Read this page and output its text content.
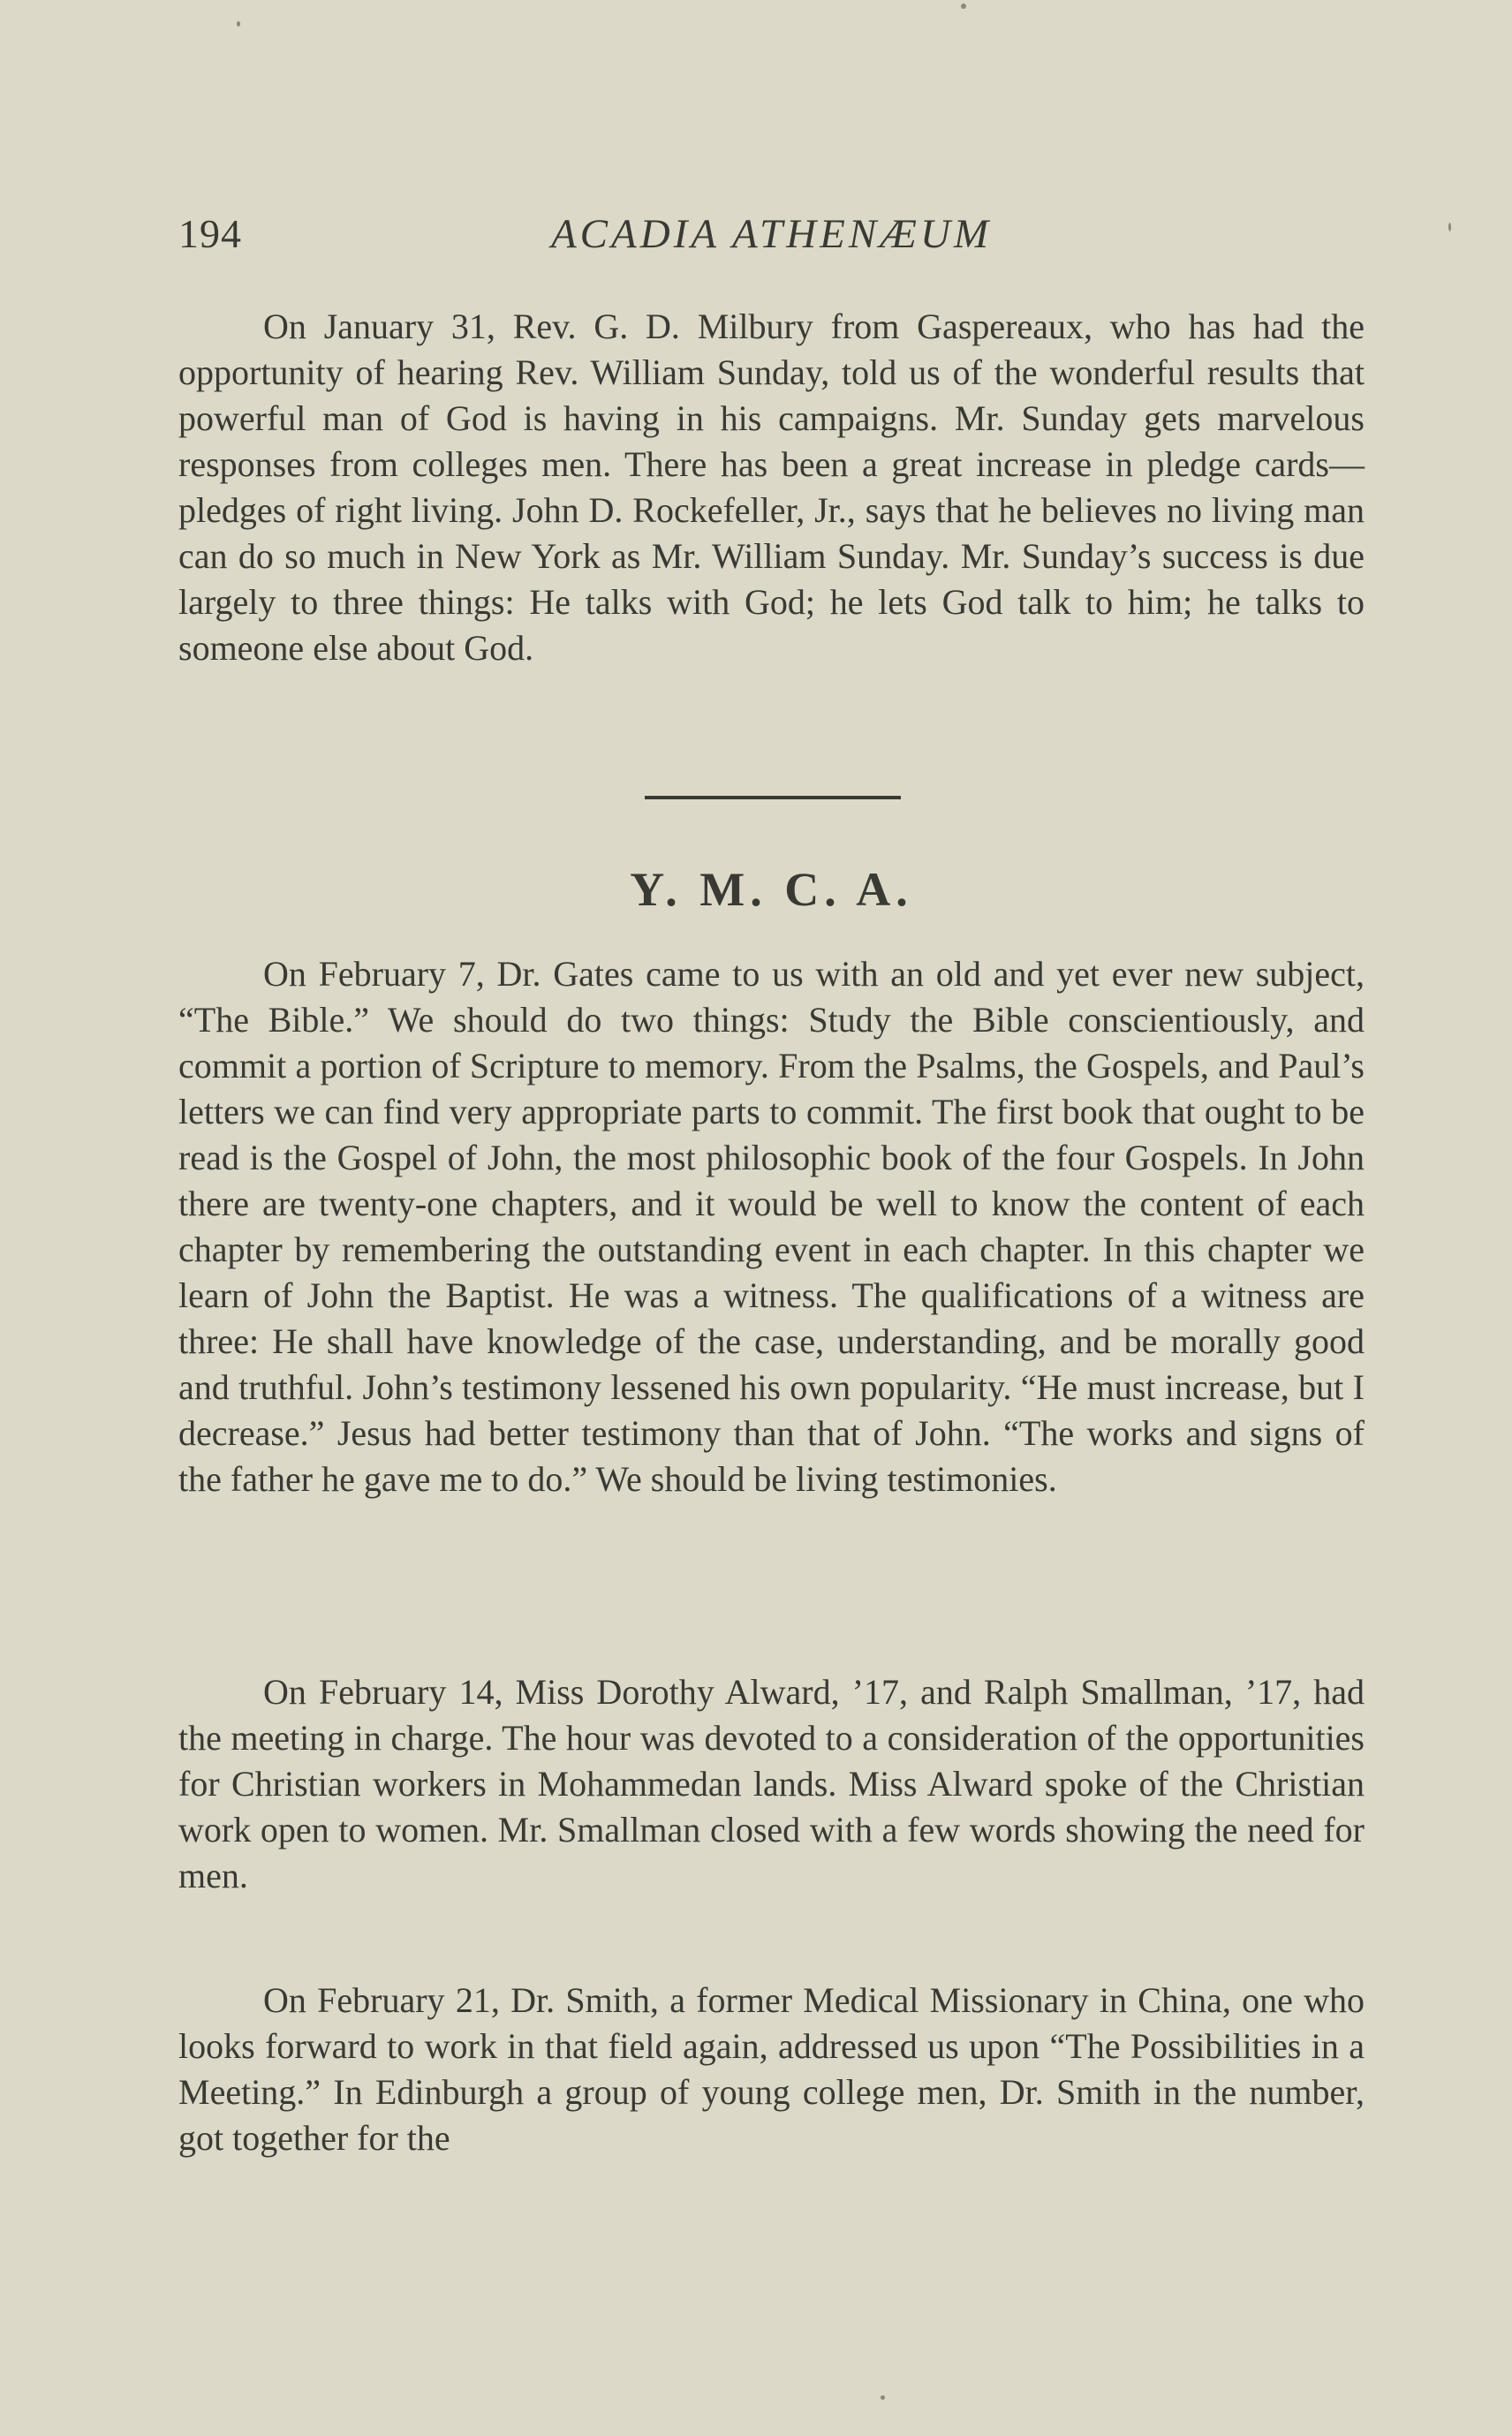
194	ACADIA ATHENÆUM

On January 31, Rev. G. D. Milbury from Gaspereaux, who has had the opportunity of hearing Rev. William Sunday, told us of the wonderful results that powerful man of God is having in his campaigns. Mr. Sunday gets marvelous responses from colleges men. There has been a great increase in pledge cards—pledges of right living. John D. Rockefeller, Jr., says that he believes no living man can do so much in New York as Mr. William Sunday. Mr. Sunday’s success is due largely to three things: He talks with God; he lets God talk to him; he talks to someone else about God.

Y. M. C. A.

On February 7, Dr. Gates came to us with an old and yet ever new subject, “The Bible.” We should do two things: Study the Bible conscientiously, and commit a portion of Scripture to memory. From the Psalms, the Gospels, and Paul’s letters we can find very appropriate parts to commit. The first book that ought to be read is the Gospel of John, the most philosophic book of the four Gospels. In John there are twenty-one chapters, and it would be well to know the content of each chapter by remembering the outstanding event in each chapter. In this chapter we learn of John the Baptist. He was a witness. The qualifications of a witness are three: He shall have knowledge of the case, understanding, and be morally good and truthful. John’s testimony lessened his own popularity. “He must increase, but I decrease.” Jesus had better testimony than that of John. “The works and signs of the father he gave me to do.” We should be living testimonies.

On February 14, Miss Dorothy Alward, ’17, and Ralph Smallman, ’17, had the meeting in charge. The hour was devoted to a consideration of the opportunities for Christian workers in Mohammedan lands. Miss Alward spoke of the Christian work open to women. Mr. Smallman closed with a few words showing the need for men.

On February 21, Dr. Smith, a former Medical Missionary in China, one who looks forward to work in that field again, addressed us upon “The Possibilities in a Meeting.” In Edinburgh a group of young college men, Dr. Smith in the number, got together for the
